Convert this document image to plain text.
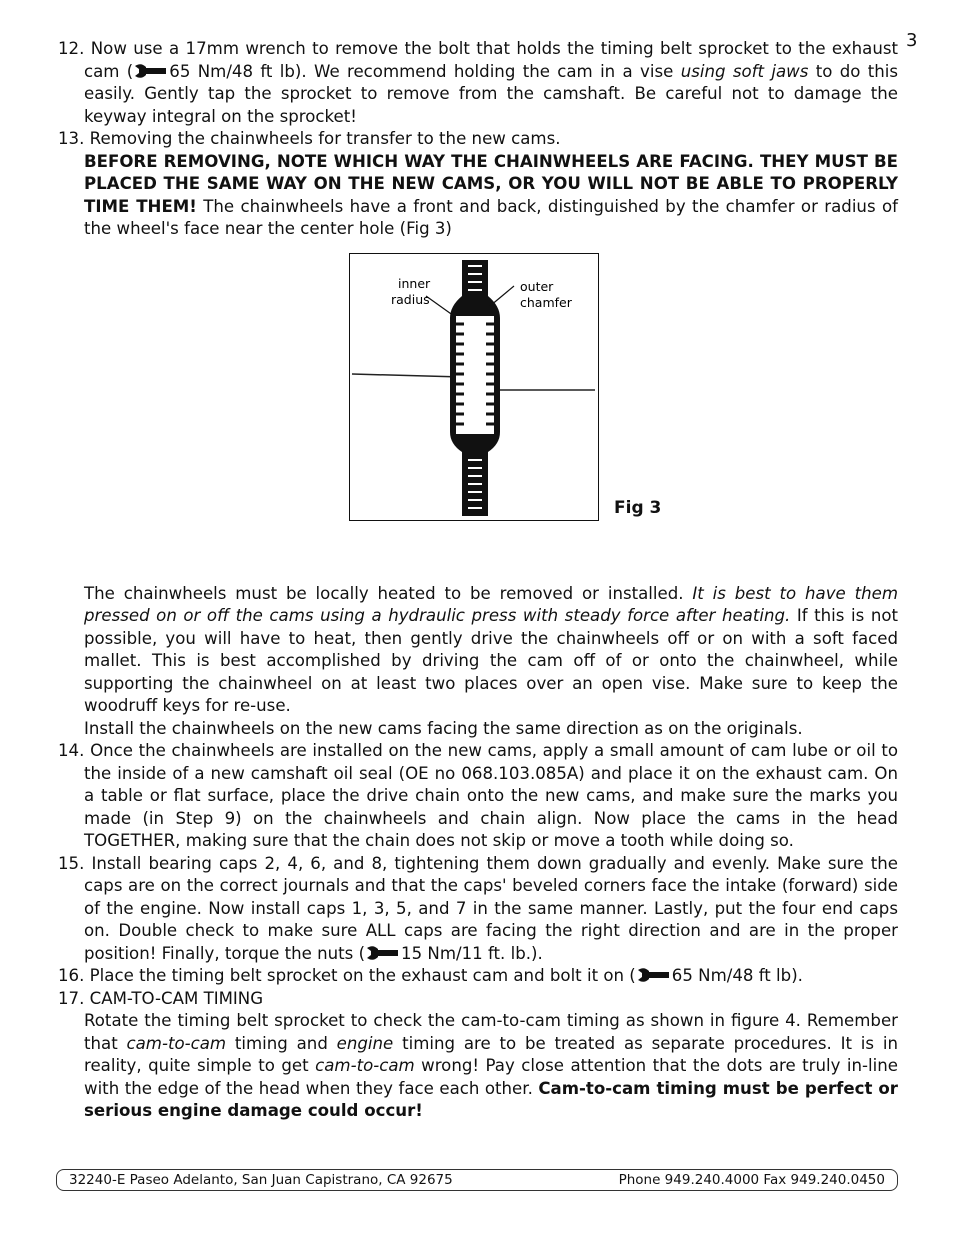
3

12. Now use a 17mm wrench to remove the bolt that holds the timing belt sprocket to the exhaust cam ( 65 Nm/48 ft lb). We recommend holding the cam in a vise using soft jaws to do this easily. Gently tap the sprocket to remove from the camshaft. Be careful not to damage the keyway integral on the sprocket!

13. Removing the chainwheels for transfer to the new cams.

BEFORE REMOVING, NOTE WHICH WAY THE CHAINWHEELS ARE FACING. THEY MUST BE PLACED THE SAME WAY ON THE NEW CAMS, OR YOU WILL NOT BE ABLE TO PROPERLY TIME THEM! The chainwheels have a front and back, distinguished by the chamfer or radius of the wheel's face near the center hole (Fig 3)

inner
radius
outer
chamfer
Fig 3

The chainwheels must be locally heated to be removed or installed. It is best to have them pressed on or off the cams using a hydraulic press with steady force after heating. If this is not possible, you will have to heat, then gently drive the chainwheels off or on with a soft faced mallet. This is best accomplished by driving the cam off of or onto the chainwheel, while supporting the chainwheel on at least two places over an open vise. Make sure to keep the woodruff keys for re-use.

Install the chainwheels on the new cams facing the same direction as on the originals.

14. Once the chainwheels are installed on the new cams, apply a small amount of cam lube or oil to the inside of a new camshaft oil seal (OE no 068.103.085A) and place it on the exhaust cam. On a table or flat surface, place the drive chain onto the new cams, and make sure the marks you made (in Step 9) on the chainwheels and chain align. Now place the cams in the head TOGETHER, making sure that the chain does not skip or move a tooth while doing so.

15. Install bearing caps 2, 4, 6, and 8, tightening them down gradually and evenly. Make sure the caps are on the correct journals and that the caps' beveled corners face the intake (forward) side of the engine. Now install caps 1, 3, 5, and 7 in the same manner. Lastly, put the four end caps on. Double check to make sure ALL caps are facing the right direction and are in the proper position! Finally, torque the nuts ( 15 Nm/11 ft. lb.).

16. Place the timing belt sprocket on the exhaust cam and bolt it on ( 65 Nm/48 ft lb).

17. CAM-TO-CAM TIMING

Rotate the timing belt sprocket to check the cam-to-cam timing as shown in figure 4. Remember that cam-to-cam timing and engine timing are to be treated as separate procedures. It is in reality, quite simple to get cam-to-cam wrong! Pay close attention that the dots are truly in-line with the edge of the head when they face each other. Cam-to-cam timing must be perfect or serious engine damage could occur!

32240-E Paseo Adelanto, San Juan Capistrano, CA 92675	Phone 949.240.4000 Fax 949.240.0450
